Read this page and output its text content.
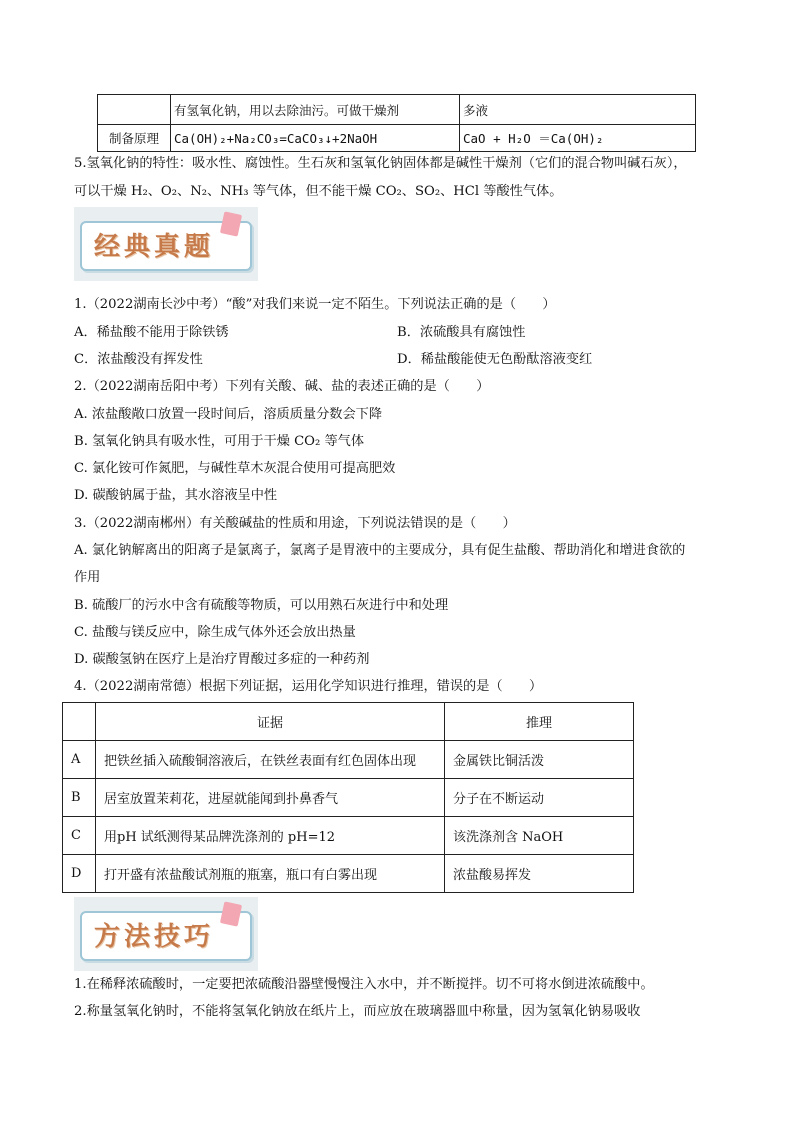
	有氢氧化钠，用以去除油污。可做干燥剂	多液
制备原理	Ca(OH)₂+Na₂CO₃=CaCO₃↓+2NaOH	CaO + H₂O ＝Ca(OH)₂
5.氢氧化钠的特性：吸水性、腐蚀性。生石灰和氢氧化钠固体都是碱性干燥剂（它们的混合物叫碱石灰），
可以干燥 H₂、O₂、N₂、NH₃ 等气体，但不能干燥 CO₂、SO₂、HCl 等酸性气体。
经典真题
1.（2022湖南长沙中考）“酸”对我们来说一定不陌生。下列说法正确的是（　　）
A．稀盐酸不能用于除铁锈	B．浓硫酸具有腐蚀性
C．浓盐酸没有挥发性	D．稀盐酸能使无色酚酞溶液变红
2.（2022湖南岳阳中考）下列有关酸、碱、盐的表述正确的是（　　）
A. 浓盐酸敞口放置一段时间后，溶质质量分数会下降
B. 氢氧化钠具有吸水性，可用于干燥 CO₂ 等气体
C. 氯化铵可作氮肥，与碱性草木灰混合使用可提高肥效
D. 碳酸钠属于盐，其水溶液呈中性
3.（2022湖南郴州）有关酸碱盐的性质和用途，下列说法错误的是（　　）
A. 氯化钠解离出的阳离子是氯离子，氯离子是胃液中的主要成分，具有促生盐酸、帮助消化和增进食欲的
作用
B. 硫酸厂的污水中含有硫酸等物质，可以用熟石灰进行中和处理
C. 盐酸与镁反应中，除生成气体外还会放出热量
D. 碳酸氢钠在医疗上是治疗胃酸过多症的一种药剂
4.（2022湖南常德）根据下列证据，运用化学知识进行推理，错误的是（　　）
	证据	推理
A	把铁丝插入硫酸铜溶液后，在铁丝表面有红色固体出现	金属铁比铜活泼
B	居室放置茉莉花，进屋就能闻到扑鼻香气	分子在不断运动
C	用pH 试纸测得某品牌洗涤剂的 pH=12	该洗涤剂含 NaOH
D	打开盛有浓盐酸试剂瓶的瓶塞，瓶口有白雾出现	浓盐酸易挥发
方法技巧
1.在稀释浓硫酸时，一定要把浓硫酸沿器壁慢慢注入水中，并不断搅拌。切不可将水倒进浓硫酸中。
2.称量氢氧化钠时，不能将氢氧化钠放在纸片上，而应放在玻璃器皿中称量，因为氢氧化钠易吸收
